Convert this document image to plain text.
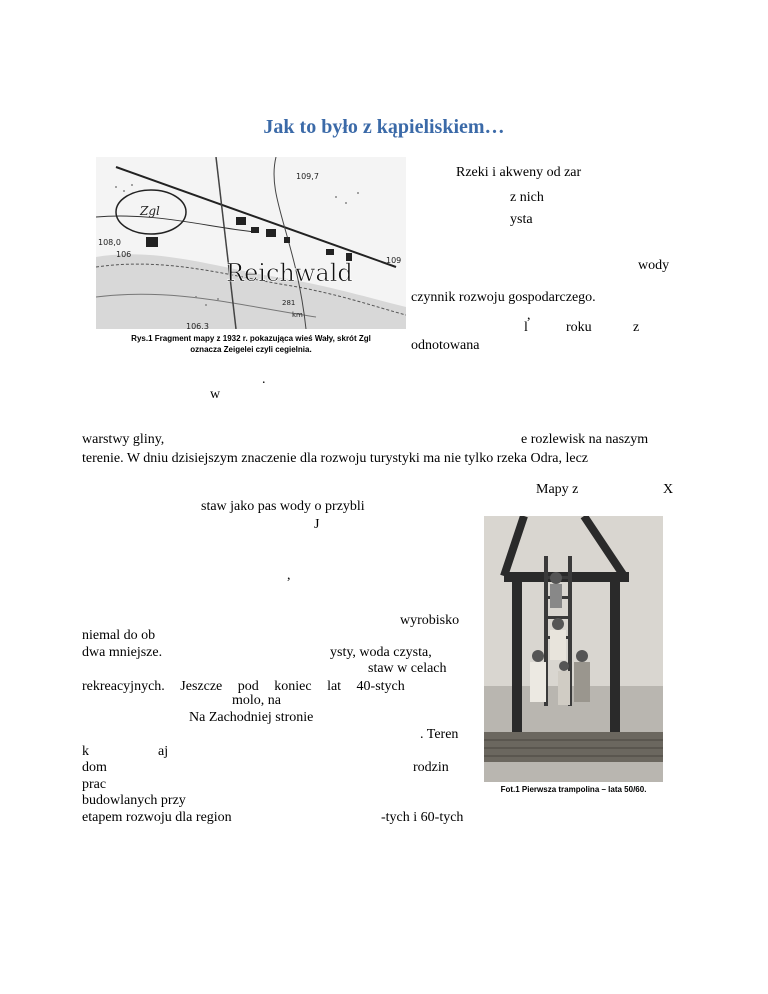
Jak to było z kąpieliskiem…
Zgl
109,7
108,0
106
109
281
km
106,3
Reichwald
Rys.1 Fragment mapy z 1932 r. pokazująca wieś Wały, skrót Zgl
oznacza Zeigelei czyli cegielnia.
Fot.1 Pierwsza trampolina – lata 50/60.
Rzeki i akweny od zar
z nich
ysta
wody
czynnik rozwoju gospodarczego.
,
l	roku	z
odnotowana
.
w
warstwy gliny,	e rozlewisk na naszym
terenie. W dniu dzisiejszym znaczenie dla rozwoju turystyki ma nie tylko rzeka Odra, lecz
Mapy z	X
staw jako pas wody o przybli
J
,
wyrobisko
niemal do ob
dwa mniejsze.	ysty, woda czysta,
staw w celach
rekreacyjnych. Jeszcze pod koniec lat 40-stych
molo, na
Na Zachodniej stronie
. Teren
k	aj
dom	rodzin
prac
budowlanych przy
etapem rozwoju dla region	-tych i 60-tych
